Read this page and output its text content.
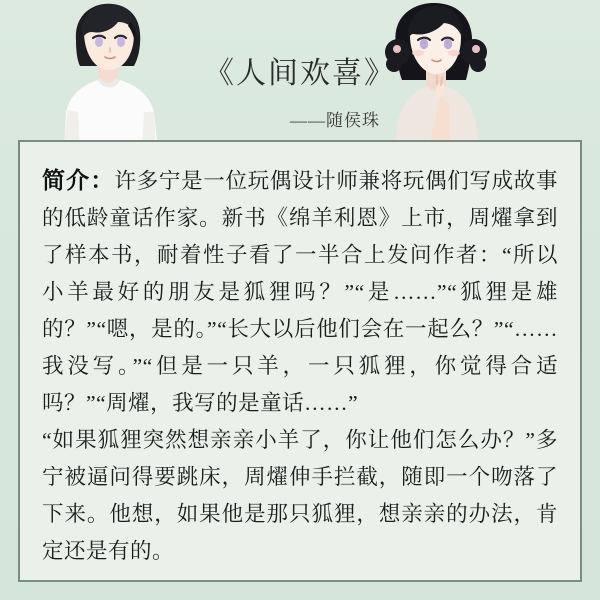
《人间欢喜》
——随侯珠
简介：许多宁是一位玩偶设计师兼将玩偶们写成故事的低龄童话作家。新书《绵羊利恩》上市，周燿拿到了样本书，耐着性子看了一半合上发问作者：“所以小羊最好的朋友是狐狸吗？”“是……”“狐狸是雄的？”“嗯，是的。”“长大以后他们会在一起么？”“……我没写。”“但是一只羊，一只狐狸，你觉得合适吗？”“周燿，我写的是童话……”
“如果狐狸突然想亲亲小羊了，你让他们怎么办？”多宁被逼问得要跳床，周燿伸手拦截，随即一个吻落了下来。他想，如果他是那只狐狸，想亲亲的办法，肯定还是有的。
